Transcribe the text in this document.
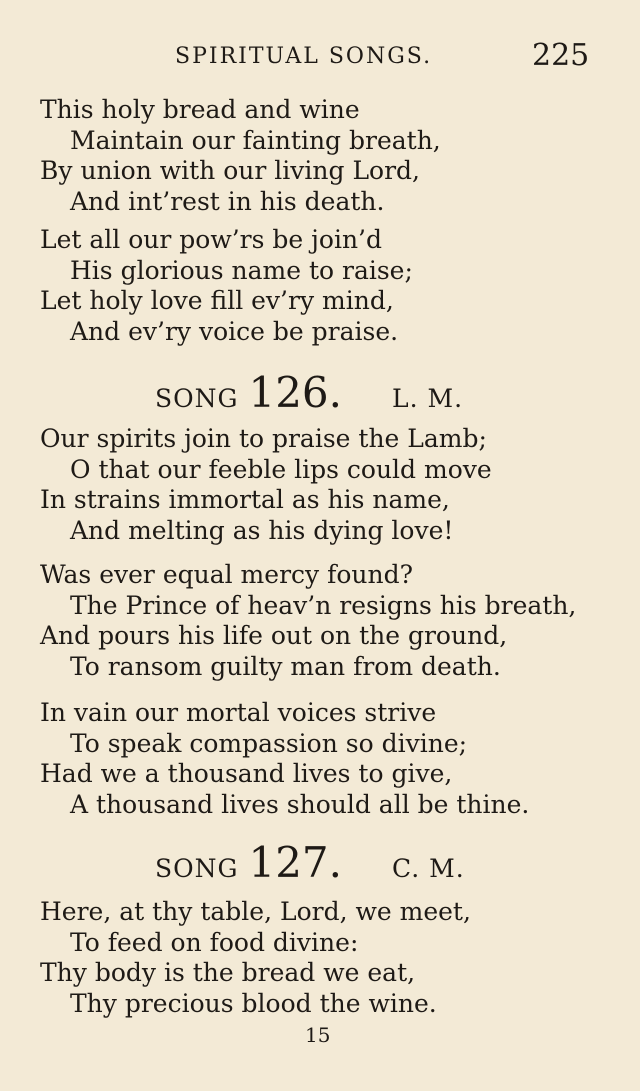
SPIRITUAL SONGS.	225
This holy bread and wine
Maintain our fainting breath,
By union with our living Lord,
And int’rest in his death.
Let all our pow’rs be join’d
His glorious name to raise;
Let holy love fill ev’ry mind,
And ev’ry voice be praise.
SONG 126. L. M.
Our spirits join to praise the Lamb;
O that our feeble lips could move
In strains immortal as his name,
And melting as his dying love!
Was ever equal mercy found?
The Prince of heav’n resigns his breath,
And pours his life out on the ground,
To ransom guilty man from death.
In vain our mortal voices strive
To speak compassion so divine;
Had we a thousand lives to give,
A thousand lives should all be thine.
SONG 127. C. M.
Here, at thy table, Lord, we meet,
To feed on food divine:
Thy body is the bread we eat,
Thy precious blood the wine.
15
